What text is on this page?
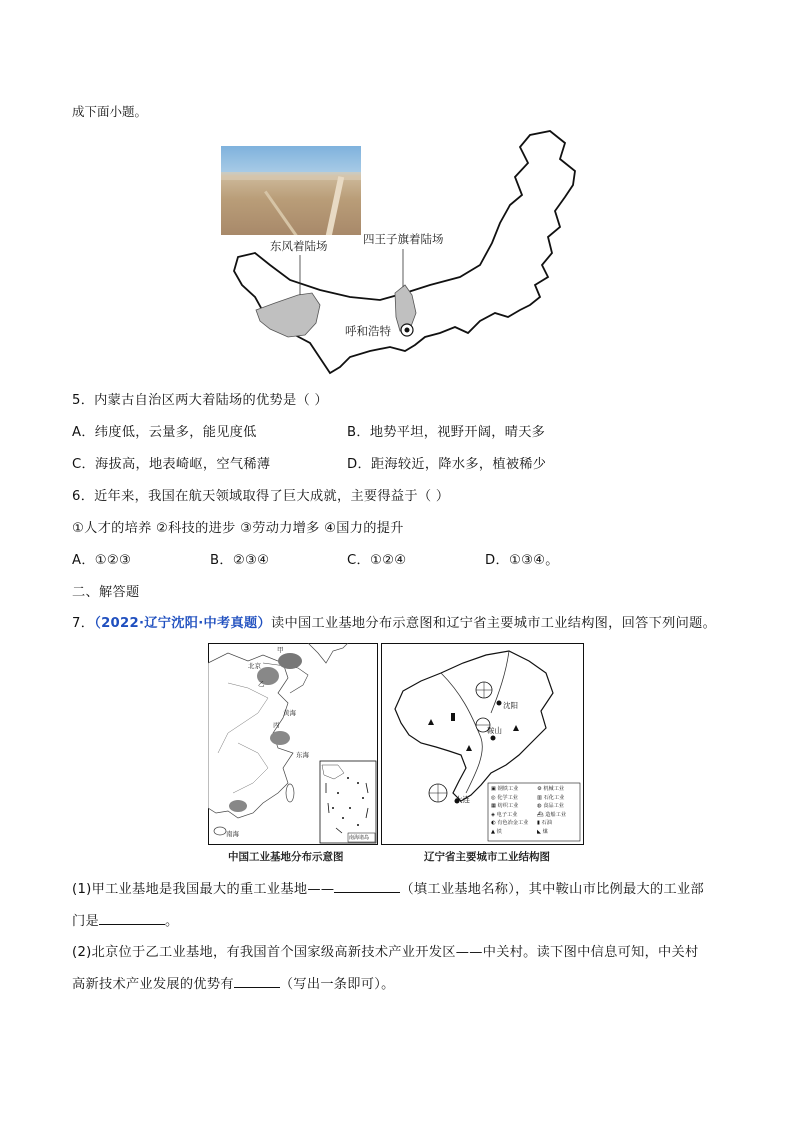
成下面小题。
东风着陆场	四王子旗着陆场
呼和浩特
5．内蒙古自治区两大着陆场的优势是（ ）
A．纬度低，云量多，能见度低	B．地势平坦，视野开阔，晴天多
C．海拔高，地表崎岖，空气稀薄	D．距海较近，降水多，植被稀少
6．近年来，我国在航天领域取得了巨大成就，主要得益于（ ）
①人才的培养 ②科技的进步 ③劳动力增多 ④国力的提升
A．①②③	B．②③④	C．①②④	D．①③④。
二、解答题
7．（2022·辽宁沈阳·中考真题）读中国工业基地分布示意图和辽宁省主要城市工业结构图，回答下列问题。
甲
北京
乙
黄海
丙
东海
南海	南海诸岛
沈阳
鞍山
大连
▣ 钢铁工业	⚙ 机械工业
◎ 化学工业	▥ 石化工业
▦ 纺织工业	◍ 食品工业
◈ 电子工业	⛴ 造船工业
◐ 有色冶金工业	▮ 石油
▲ 铁	◣ 煤
中国工业基地分布示意图	辽宁省主要城市工业结构图
(1)甲工业基地是我国最大的重工业基地——	（填工业基地名称），其中鞍山市比例最大的工业部
门是	。
(2)北京位于乙工业基地，有我国首个国家级高新技术产业开发区——中关村。读下图中信息可知，中关村
高新技术产业发展的优势有	（写出一条即可）。
